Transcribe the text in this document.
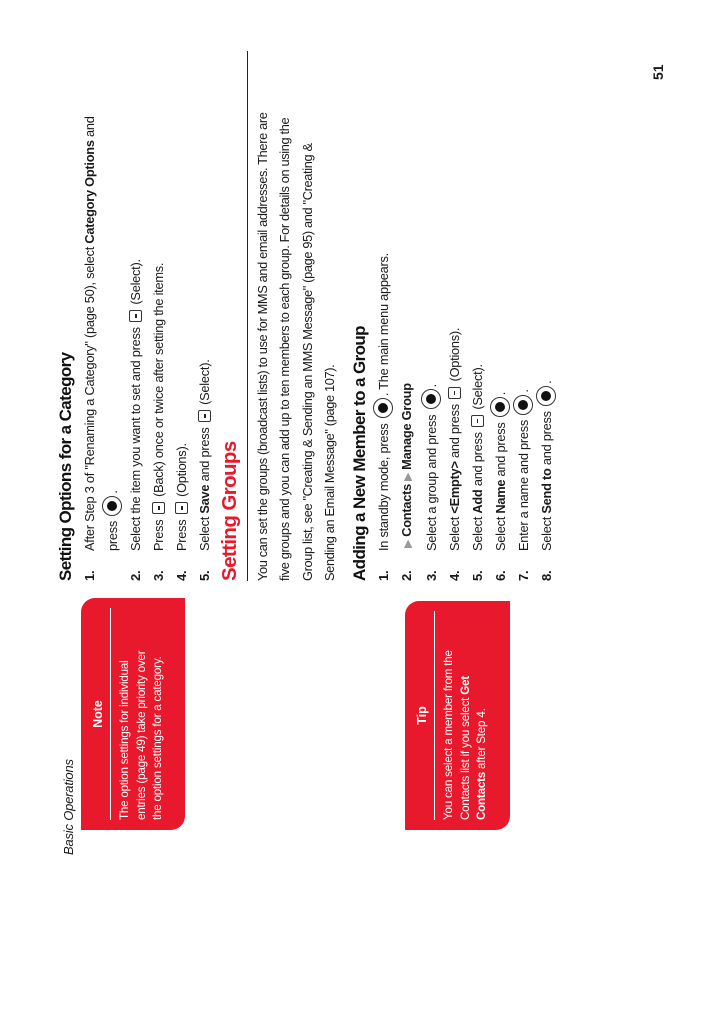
Basic Operations
Note	The option settings for individual entries (page 49) take priority over the option settings for a category.	Tip	You can select a member from the Contacts list if you select Get
Contacts after Step 4.
Setting Options for a Category 1.
After Step 3 of "Renaming a Category" (page 50), select Category Options and
press .
2.
Select the item you want to set and press  (Select).
3.
Press  (Back) once or twice after setting the items.
4.
Press  (Options).
5.
Select Save and press  (Select).
Setting Groups You can set the groups (broadcast lists) to use for MMS and email addresses. There are five groups and you can add up to ten members to each group. For details on using the Group list, see "Creating & Sending an MMS Message" (page 95) and "Creating & Sending an Email Message" (page 107). Adding a New Member to a Group 1.
In standby mode, press . The main menu appears.
2.
▶Contacts▶Manage Group
3.
Select a group and press .
4.
Select <Empty> and press  (Options).
5.
Select Add and press  (Select).
6.
Select Name and press .
7.
Enter a name and press .
8.
Select Send to and press .
51
